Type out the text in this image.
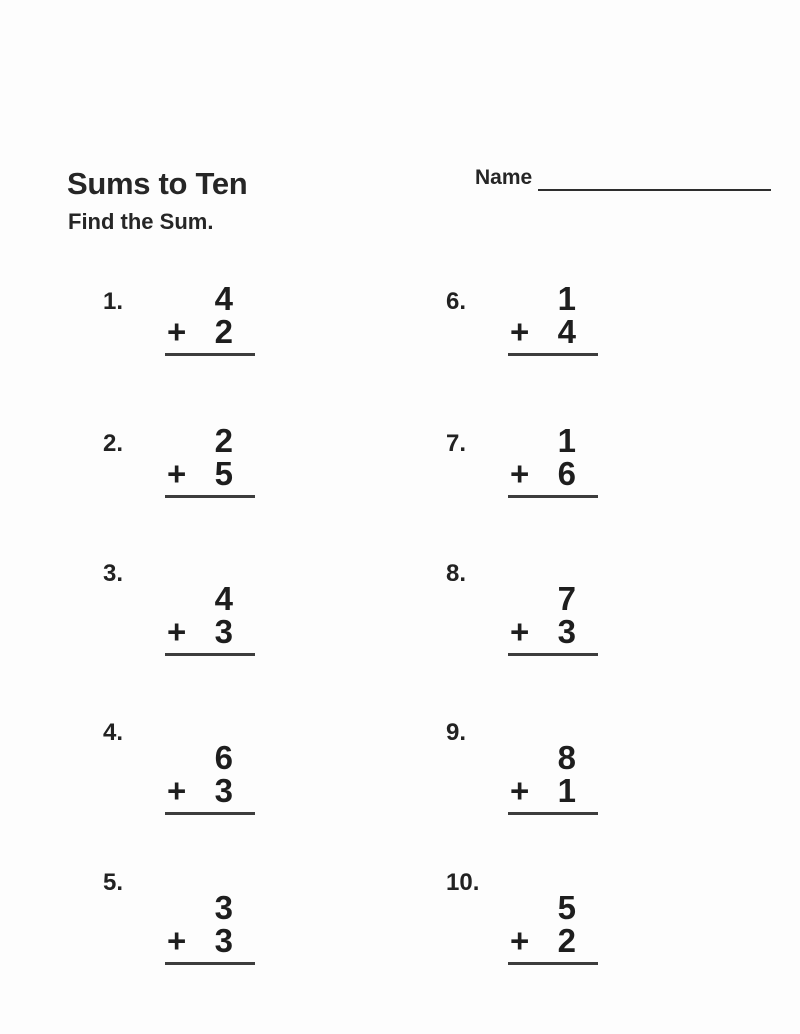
Sums to Ten
Find the Sum.
Name
1.	4
+ 2
2.	2
+ 5
3.
4
+ 3
4.
6
+ 3
5.
3
+ 3
6.	1
+ 4
7.	1
+ 6
8.
7
+ 3
9.
8
+ 1
10.
5
+ 2
